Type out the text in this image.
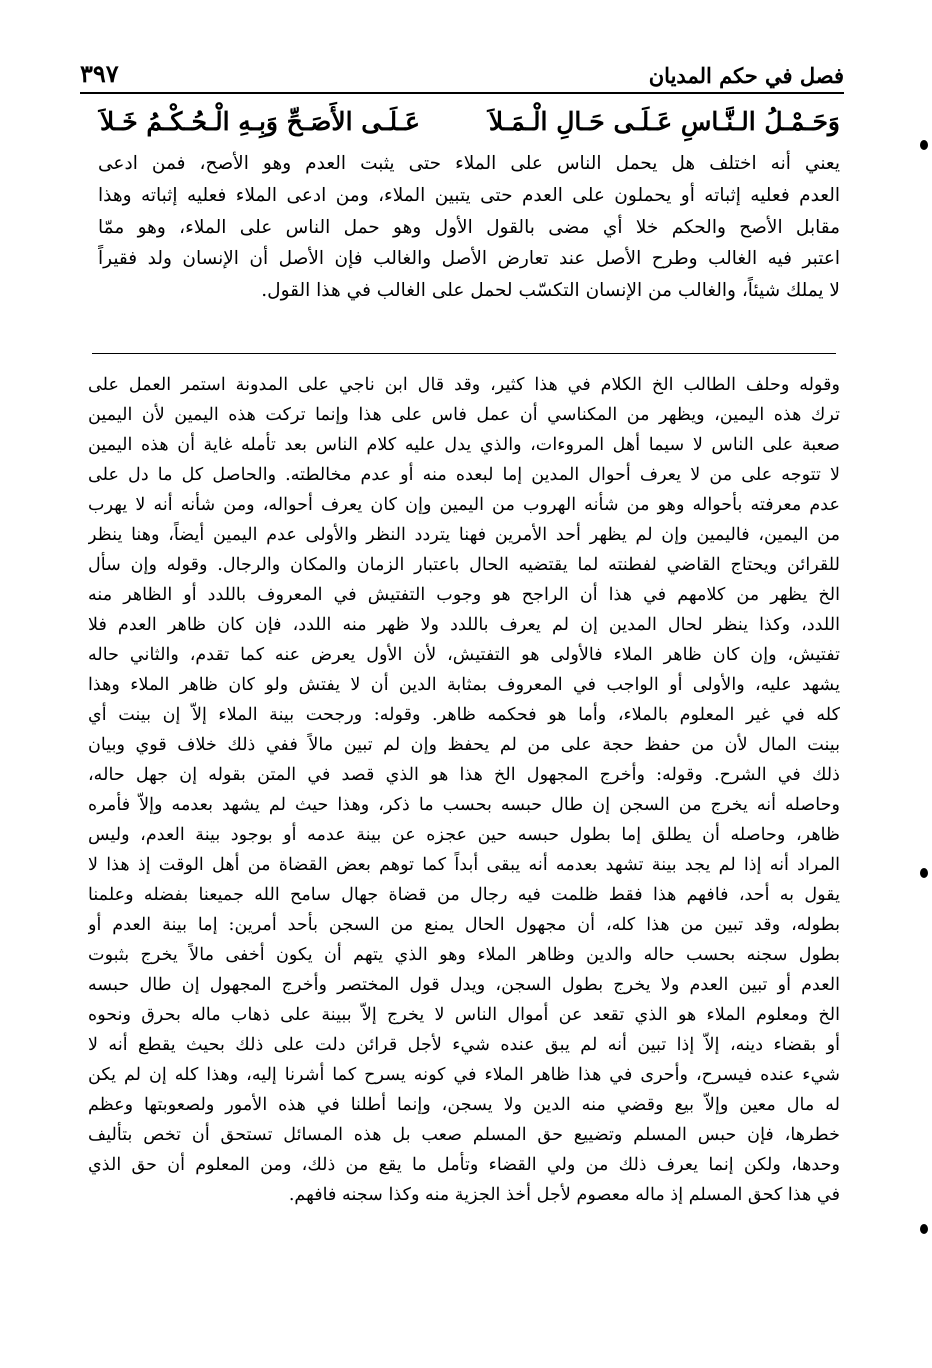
فصل في حكم المديان
٣٩٧
وَحَـمْـلُ الـنَّـاسِ عَـلَـى حَـالِ الْـمَـلاَ
عَـلَـى الأَصَـحِّ وَبِـهِ الْـحُـكْـمُ خَـلاَ
يعني أنه اختلف هل يحمل الناس على الملاء حتى يثبت العدم وهو الأصح، فمن ادعى
العدم فعليه إثباته أو يحملون على العدم حتى يتبين الملاء، ومن ادعى الملاء فعليه إثباته وهذا
مقابل الأصح والحكم خلا أي مضى بالقول الأول وهو حمل الناس على الملاء، وهو ممّا
اعتبر فيه الغالب وطرح الأصل عند تعارض الأصل والغالب فإن الأصل أن الإنسان ولد فقيراً
لا يملك شيئاً، والغالب من الإنسان التكسّب لحمل على الغالب في هذا القول.
وقوله وحلف الطالب الخ الكلام في هذا كثير، وقد قال ابن ناجي على المدونة استمر العمل على
ترك هذه اليمين، ويظهر من المكناسي أن عمل فاس على هذا وإنما تركت هذه اليمين لأن اليمين
صعبة على الناس لا سيما أهل المروءات، والذي يدل عليه كلام الناس بعد تأمله غاية أن هذه اليمين
لا تتوجه على من لا يعرف أحوال المدين إما لبعده منه أو عدم مخالطته. والحاصل كل ما دل على
عدم معرفته بأحواله وهو من شأنه الهروب من اليمين وإن كان يعرف أحواله، ومن شأنه أنه لا يهرب
من اليمين، فاليمين وإن لم يظهر أحد الأمرين فهنا يتردد النظر والأولى عدم اليمين أيضاً، وهنا ينظر
للقرائن ويحتاج القاضي لفطنته لما يقتضيه الحال باعتبار الزمان والمكان والرجال. وقوله وإن سأل
الخ يظهر من كلامهم في هذا أن الراجح هو وجوب التفتيش في المعروف باللدد أو الظاهر منه
اللدد، وكذا ينظر لحال المدين إن لم يعرف باللدد ولا ظهر منه اللدد، فإن كان ظاهر العدم فلا
تفتيش، وإن كان ظاهر الملاء فالأولى هو التفتيش، لأن الأول يعرض عنه كما تقدم، والثاني حاله
يشهد عليه، والأولى أو الواجب في المعروف بمثابة الدين أن لا يفتش ولو كان ظاهر الملاء وهذا
كله في غير المعلوم بالملاء، وأما هو فحكمه ظاهر. وقوله: ورجحت بينة الملاء إلاّ إن بينت أي
بينت المال لأن من حفظ حجة على من لم يحفظ وإن لم تبين مالاً ففي ذلك خلاف قوي وبيان
ذلك في الشرح. وقوله: وأخرج المجهول الخ هذا هو الذي قصد في المتن بقوله إن جهل حاله،
وحاصله أنه يخرج من السجن إن طال حبسه بحسب ما ذكر، وهذا حيث لم يشهد بعدمه وإلاّ فأمره
ظاهر، وحاصله أن يطلق إما بطول حبسه حين عجزه عن بينة عدمه أو بوجود بينة العدم، وليس
المراد أنه إذا لم يجد بينة تشهد بعدمه أنه يبقى أبداً كما توهم بعض القضاة من أهل الوقت إذ هذا لا
يقول به أحد، فافهم هذا فقط ظلمت فيه رجال من قضاة جهال سامح الله جميعنا بفضله وعلمنا
بطوله، وقد تبين من هذا كله، أن مجهول الحال يمنع من السجن بأحد أمرين: إما بينة العدم أو
بطول سجنه بحسب حاله والدين وظاهر الملاء وهو الذي يتهم أن يكون أخفى مالاً يخرج بثبوت
العدم أو تبين العدم ولا يخرج بطول السجن، ويدل قول المختصر وأخرج المجهول إن طال حبسه
الخ ومعلوم الملاء هو الذي تقعد عن أموال الناس لا يخرج إلاّ ببينة على ذهاب ماله بحرق ونحوه
أو بقضاء دينه، إلاّ إذا تبين أنه لم يبق عنده شيء لأجل قرائن دلت على ذلك بحيث يقطع أنه لا
شيء عنده فيسرح، وأحرى في هذا ظاهر الملاء في كونه يسرح كما أشرنا إليه، وهذا كله إن لم يكن
له مال معين وإلاّ بيع وقضي منه الدين ولا يسجن، وإنما أطلنا في هذه الأمور ولصعوبتها وعظم
خطرها، فإن حبس المسلم وتضييع حق المسلم صعب بل هذه المسائل تستحق أن تخص بتأليف
وحدها، ولكن إنما يعرف ذلك من ولي القضاء وتأمل ما يقع من ذلك، ومن المعلوم أن حق الذي
في هذا كحق المسلم إذ ماله معصوم لأجل أخذ الجزية منه وكذا سجنه فافهم.
